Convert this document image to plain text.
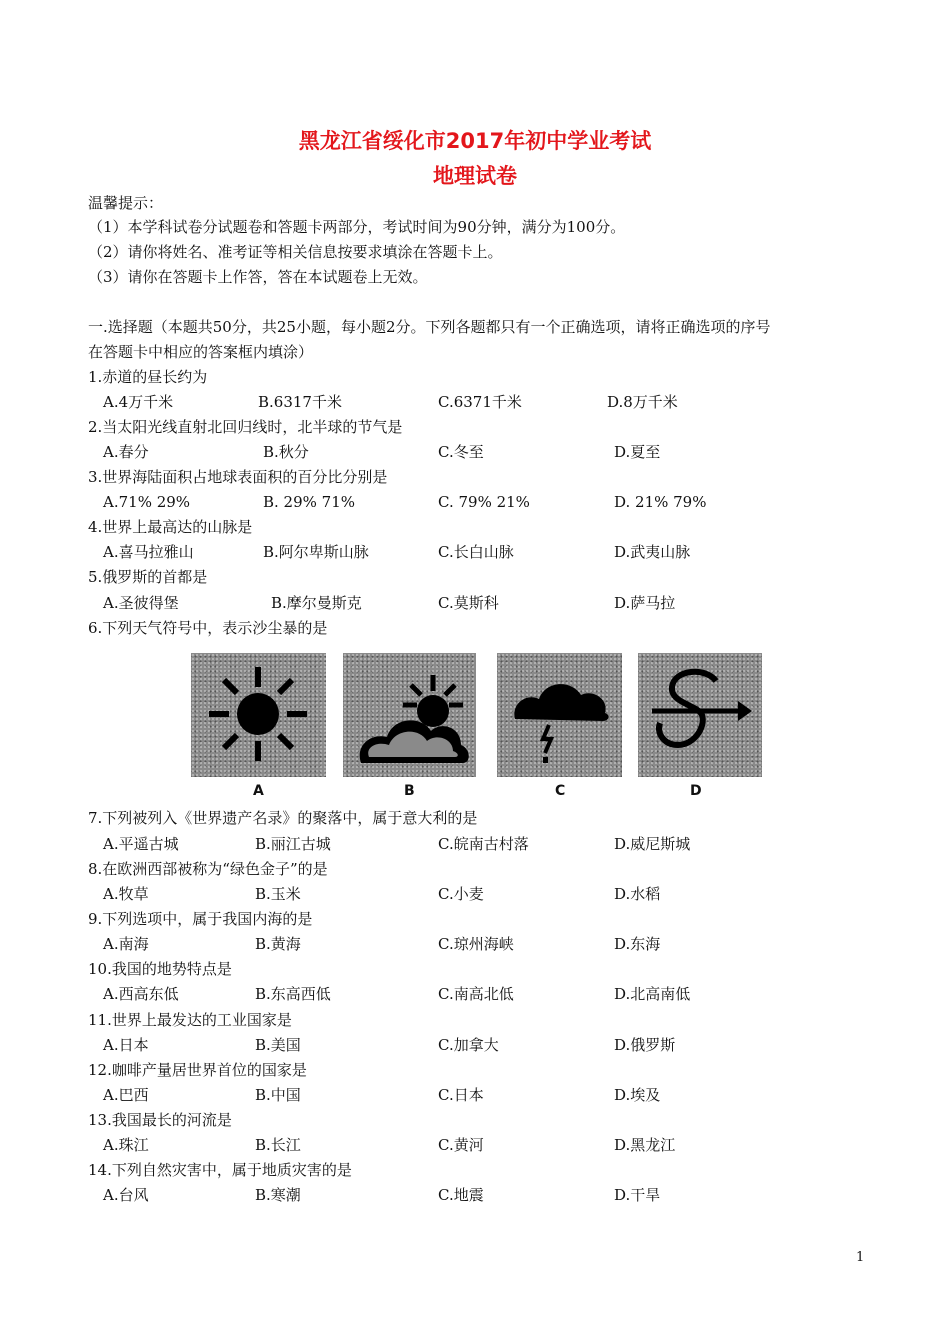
黑龙江省绥化市2017年初中学业考试
地理试卷
温馨提示：
（1）本学科试卷分试题卷和答题卡两部分，考试时间为90分钟，满分为100分。
（2）请你将姓名、准考证等相关信息按要求填涂在答题卡上。
（3）请你在答题卡上作答，答在本试题卷上无效。
一.选择题（本题共50分，共25小题，每小题2分。下列各题都只有一个正确选项，请将正确选项的序号
在答题卡中相应的答案框内填涂）
1.赤道的昼长约为
A.4万千米	B.6317千米	C.6371千米	D.8万千米
2.当太阳光线直射北回归线时，北半球的节气是
A.春分	B.秋分	C.冬至	D.夏至
3.世界海陆面积占地球表面积的百分比分别是
A.71% 29%	B. 29% 71%	C. 79% 21%	D. 21% 79%
4.世界上最高达的山脉是
A.喜马拉雅山	B.阿尔卑斯山脉	C.长白山脉	D.武夷山脉
5.俄罗斯的首都是
A.圣彼得堡	B.摩尔曼斯克	C.莫斯科	D.萨马拉
6.下列天气符号中，表示沙尘暴的是
A	B	C	D
7.下列被列入《世界遗产名录》的聚落中，属于意大利的是
A.平遥古城	B.丽江古城	C.皖南古村落	D.威尼斯城
8.在欧洲西部被称为“绿色金子”的是
A.牧草	B.玉米	C.小麦	D.水稻
9.下列选项中，属于我国内海的是
A.南海	B.黄海	C.琼州海峡	D.东海
10.我国的地势特点是
A.西高东低	B.东高西低	C.南高北低	D.北高南低
11.世界上最发达的工业国家是
A.日本	B.美国	C.加拿大	D.俄罗斯
12.咖啡产量居世界首位的国家是
A.巴西	B.中国	C.日本	D.埃及
13.我国最长的河流是
A.珠江	B.长江	C.黄河	D.黑龙江
14.下列自然灾害中，属于地质灾害的是
A.台风	B.寒潮	C.地震	D.干旱
1
